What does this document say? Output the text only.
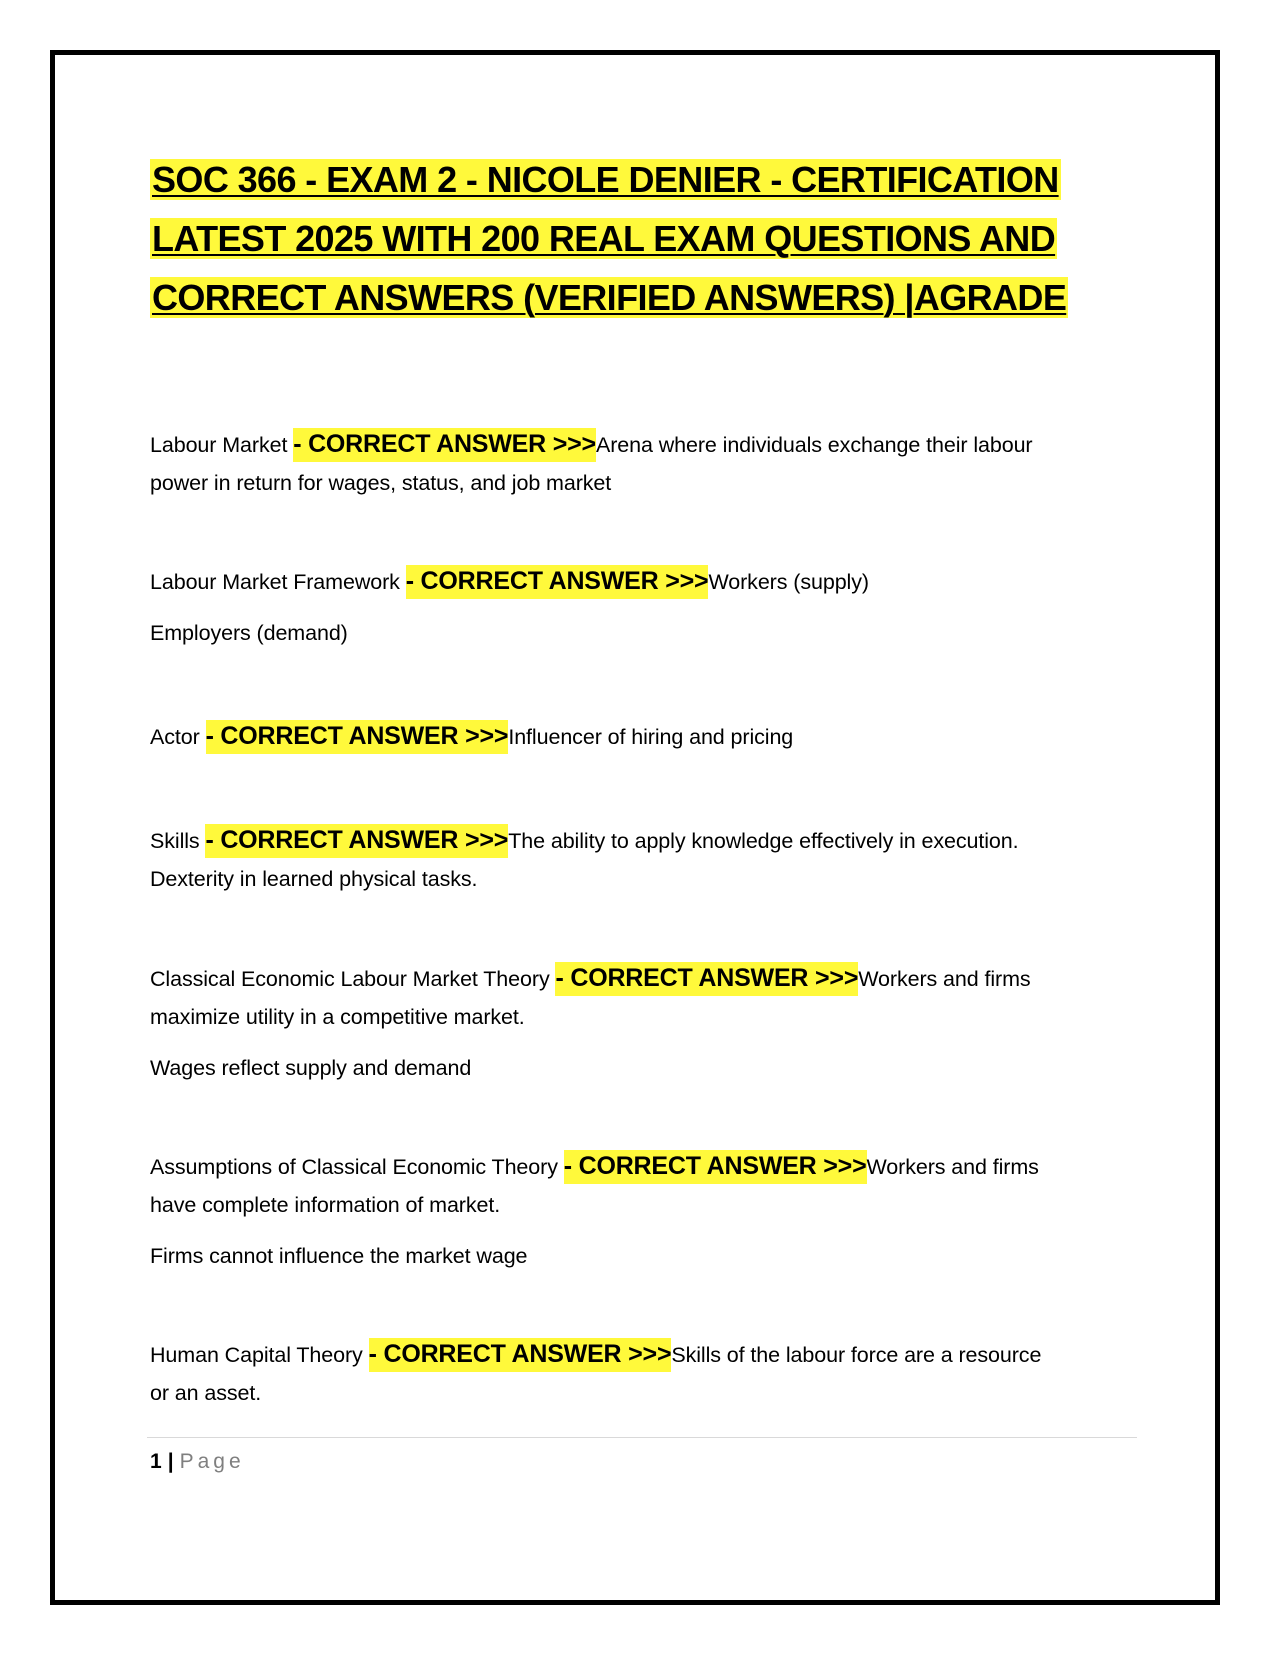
SOC 366 - EXAM 2 - NICOLE DENIER - CERTIFICATION LATEST 2025 WITH 200 REAL EXAM QUESTIONS AND CORRECT ANSWERS (VERIFIED ANSWERS) |AGRADE
Labour Market - CORRECT ANSWER >>>Arena where individuals exchange their labour
power in return for wages, status, and job market
Labour Market Framework - CORRECT ANSWER >>>Workers (supply)
Employers (demand)
Actor - CORRECT ANSWER >>>Influencer of hiring and pricing
Skills - CORRECT ANSWER >>>The ability to apply knowledge effectively in execution.
Dexterity in learned physical tasks.
Classical Economic Labour Market Theory - CORRECT ANSWER >>>Workers and firms
maximize utility in a competitive market.
Wages reflect supply and demand
Assumptions of Classical Economic Theory - CORRECT ANSWER >>>Workers and firms
have complete information of market.
Firms cannot influence the market wage
Human Capital Theory - CORRECT ANSWER >>>Skills of the labour force are a resource
or an asset.
1 | Page
